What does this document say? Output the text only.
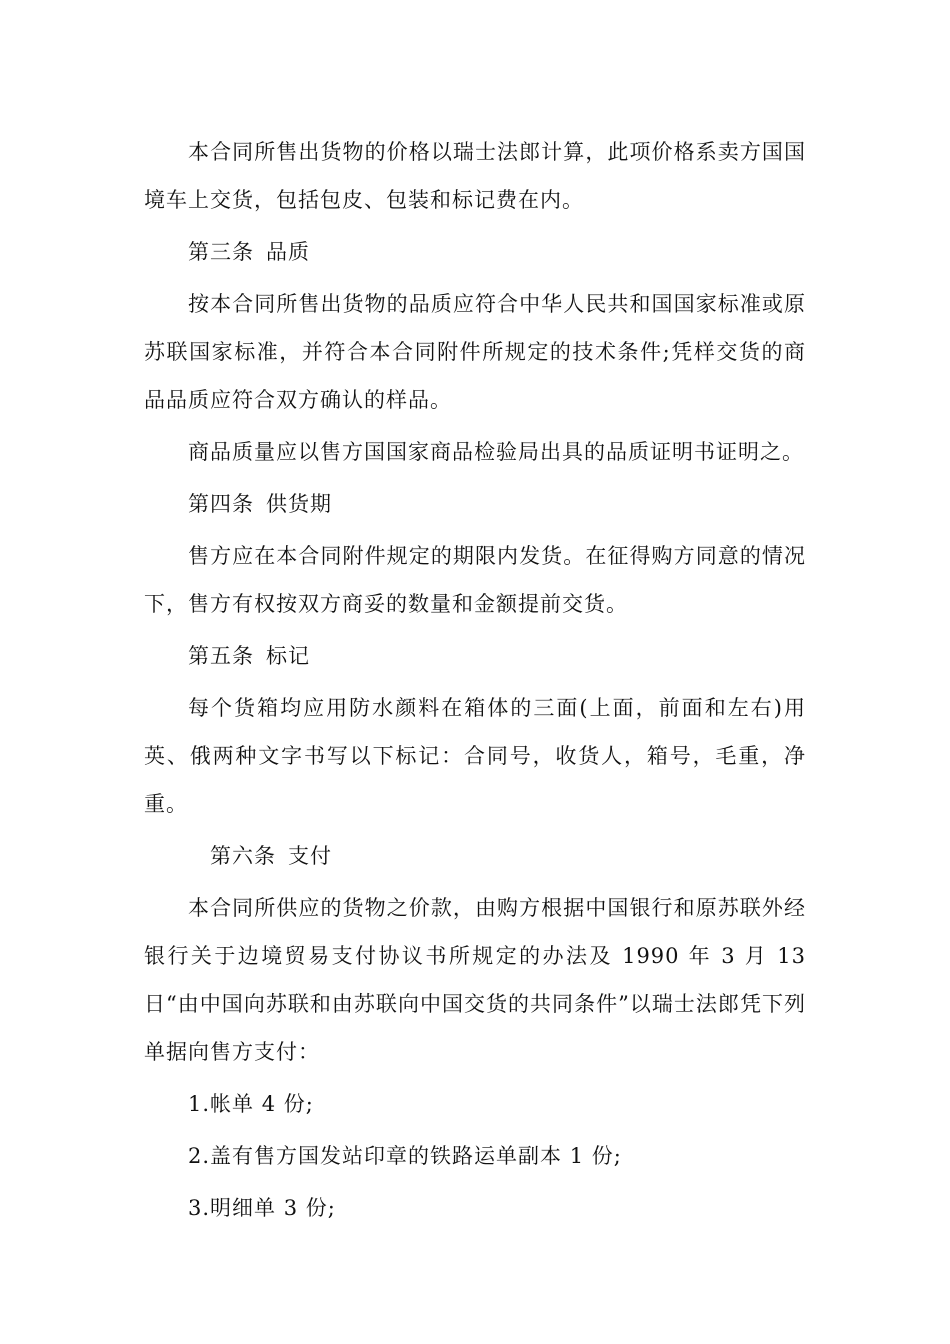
本合同所售出货物的价格以瑞士法郎计算，此项价格系卖方国国境车上交货，包括包皮、包装和标记费在内。

第三条 品质

按本合同所售出货物的品质应符合中华人民共和国国家标准或原苏联国家标准，并符合本合同附件所规定的技术条件;凭样交货的商品品质应符合双方确认的样品。

商品质量应以售方国国家商品检验局出具的品质证明书证明之。

第四条 供货期

售方应在本合同附件规定的期限内发货。在征得购方同意的情况下，售方有权按双方商妥的数量和金额提前交货。

第五条 标记

每个货箱均应用防水颜料在箱体的三面(上面，前面和左右)用英、俄两种文字书写以下标记：合同号，收货人，箱号，毛重，净重。

第六条 支付

本合同所供应的货物之价款，由购方根据中国银行和原苏联外经银行关于边境贸易支付协议书所规定的办法及 1990 年 3 月 13 日“由中国向苏联和由苏联向中国交货的共同条件”以瑞士法郎凭下列单据向售方支付：

1.帐单 4 份;

2.盖有售方国发站印章的铁路运单副本 1 份;

3.明细单 3 份;
